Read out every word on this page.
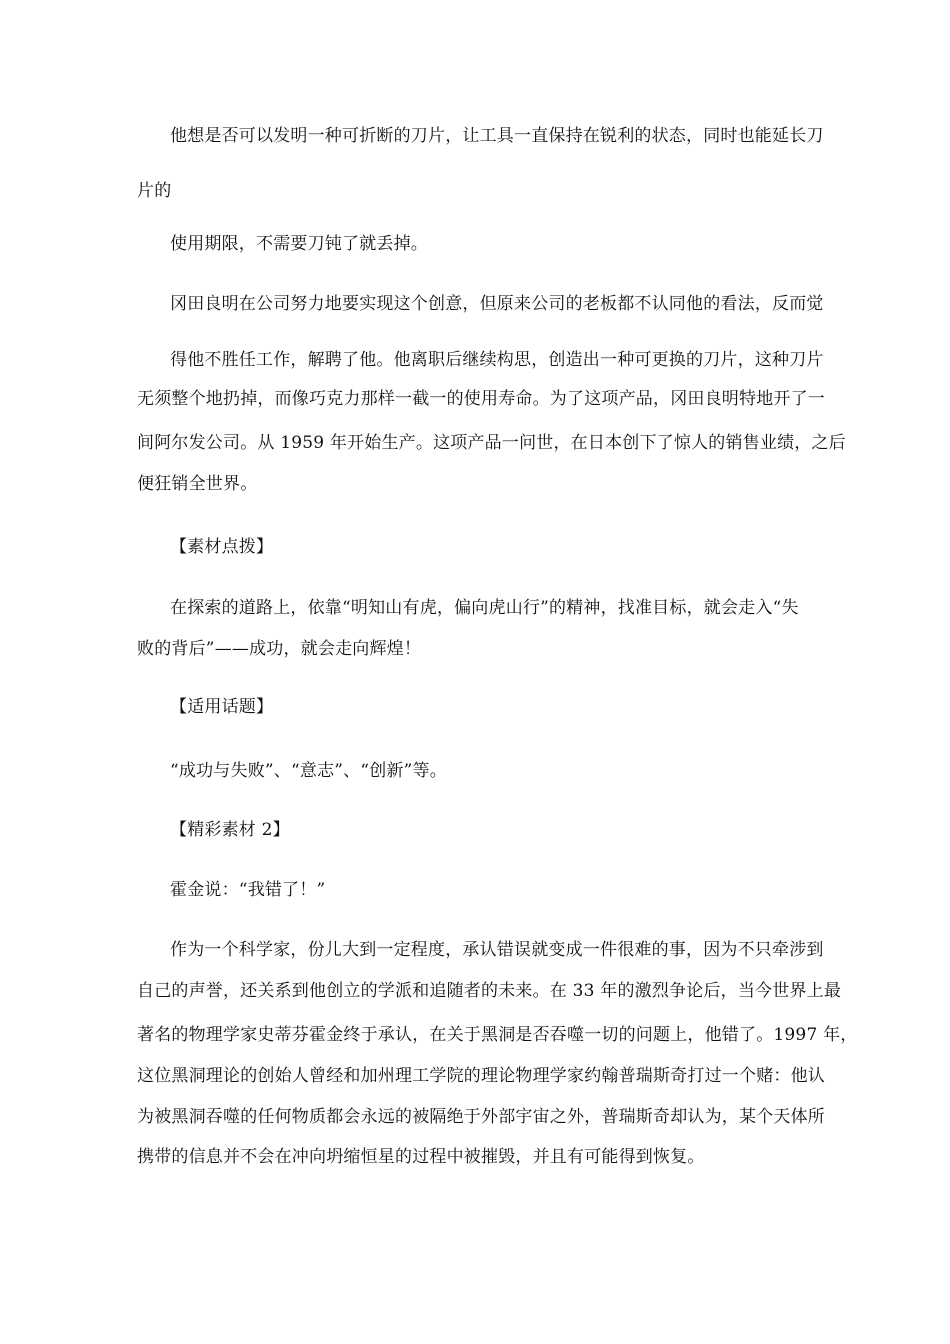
他想是否可以发明一种可折断的刀片，让工具一直保持在锐利的状态，同时也能延长刀
片的
使用期限，不需要刀钝了就丢掉。
冈田良明在公司努力地要实现这个创意，但原来公司的老板都不认同他的看法，反而觉
得他不胜任工作，解聘了他。他离职后继续构思，创造出一种可更换的刀片，这种刀片
无须整个地扔掉，而像巧克力那样一截一的使用寿命。为了这项产品，冈田良明特地开了一
间阿尔发公司。从 1959 年开始生产。这项产品一问世，在日本创下了惊人的销售业绩，之后
便狂销全世界。
【素材点拨】
在探索的道路上，依靠“明知山有虎，偏向虎山行”的精神，找准目标，就会走入“失
败的背后”——成功，就会走向辉煌！
【适用话题】
“成功与失败”、“意志”、“创新”等。
【精彩素材 2】
霍金说：“我错了！”
作为一个科学家，份儿大到一定程度，承认错误就变成一件很难的事，因为不只牵涉到
自己的声誉，还关系到他创立的学派和追随者的未来。在 33 年的激烈争论后，当今世界上最
著名的物理学家史蒂芬霍金终于承认，在关于黑洞是否吞噬一切的问题上，他错了。1997 年，
这位黑洞理论的创始人曾经和加州理工学院的理论物理学家约翰普瑞斯奇打过一个赌：他认
为被黑洞吞噬的任何物质都会永远的被隔绝于外部宇宙之外，普瑞斯奇却认为，某个天体所
携带的信息并不会在冲向坍缩恒星的过程中被摧毁，并且有可能得到恢复。
